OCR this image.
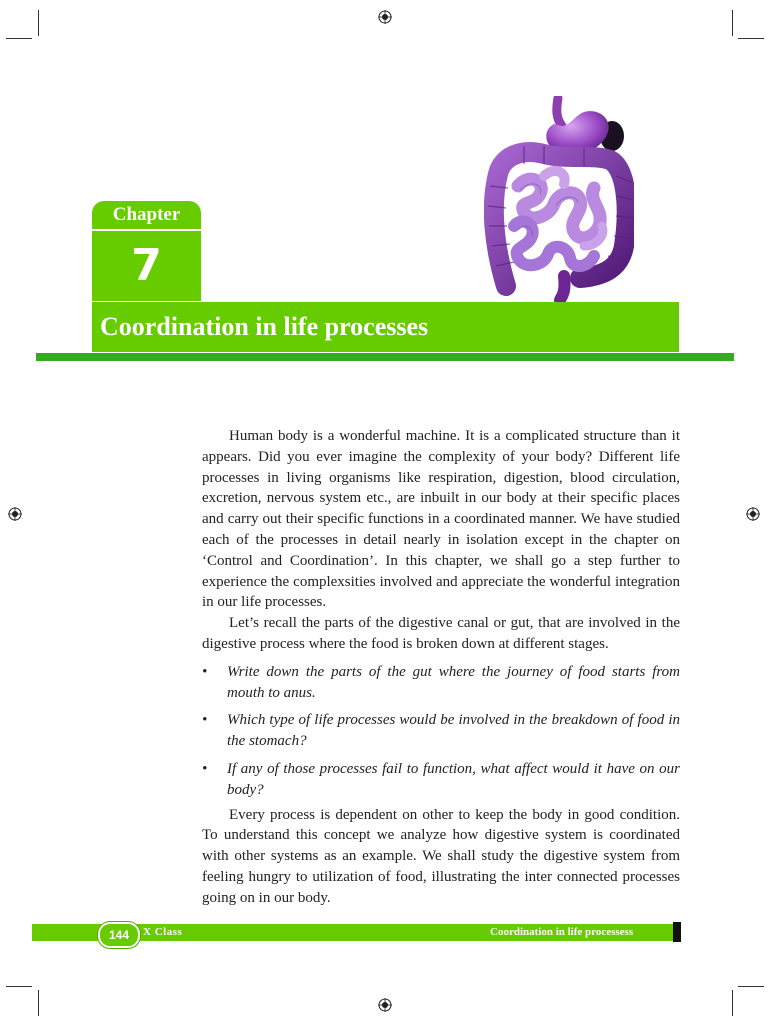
Chapter
7
Coordination in life processes

Human body is a wonderful machine. It is a complicated structure than it appears. Did you ever imagine the complexity of your body? Different life processes in living organisms like respiration, digestion, blood circulation, excretion, nervous system etc., are inbuilt in our body at their specific places and carry out their specific functions in a coordinated manner. We have studied each of the processes in detail nearly in isolation except in the chapter on ‘Control and Coordination’. In this chapter, we shall go a step further to experience the complexsities involved and appreciate the wonderful integration in our life processes.

Let’s recall the parts of the digestive canal or gut, that are involved in the digestive process where the food is broken down at different stages.

• Write down the parts of the gut where the journey of food starts from mouth to anus.

• Which type of life processes would be involved in the breakdown of food in the stomach?

• If any of those processes fail to function, what affect would it have on our body?

Every process is dependent on other to keep the body in good condition. To understand this concept we analyze how digestive system is coordinated with other systems as an example. We shall study the digestive system from feeling hungry to utilization of food, illustrating the inter connected processes going on in our body.

144	X Class	Coordination in life processess
